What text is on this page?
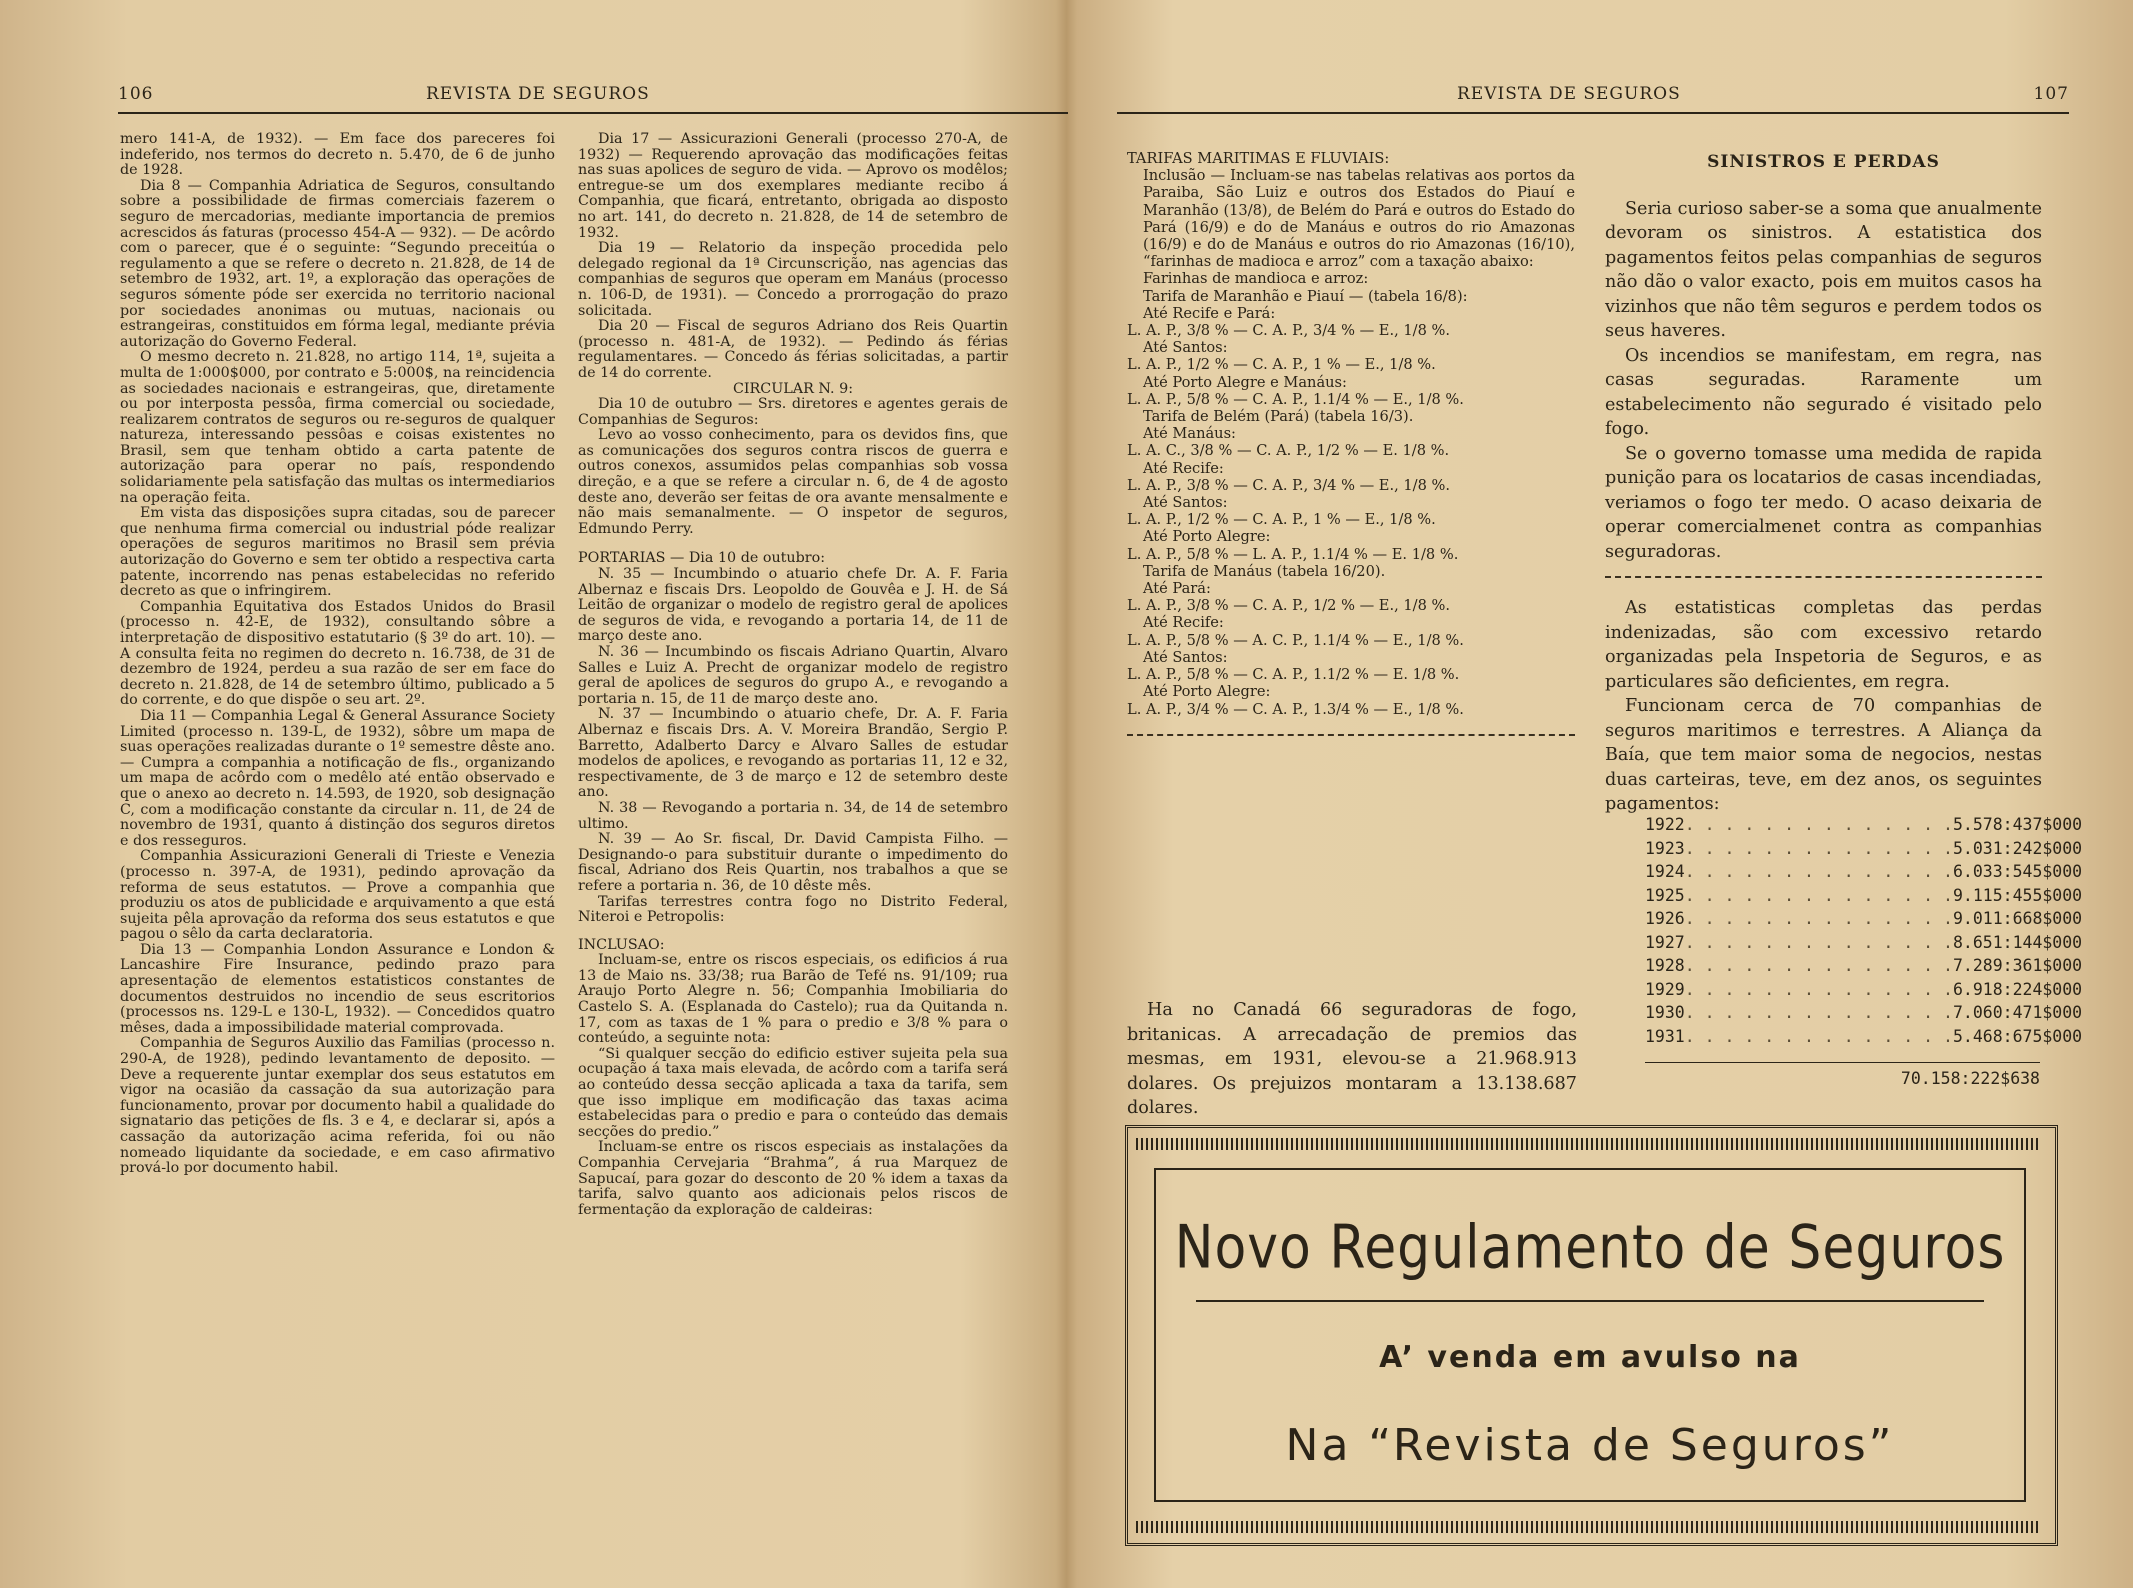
106	REVISTA DE SEGUROS

mero 141-A, de 1932). — Em face dos pareceres foi indeferido, nos termos do decreto n. 5.470, de 6 de junho de 1928.

Dia 8 — Companhia Adriatica de Seguros, consultando sobre a possibilidade de firmas comerciais fazerem o seguro de mercadorias, mediante importancia de premios acrescidos ás faturas (processo 454-A — 932). — De acôrdo com o parecer, que é o seguinte: “Segundo preceitúa o regulamento a que se refere o decreto n. 21.828, de 14 de setembro de 1932, art. 1º, a exploração das operações de seguros sómente póde ser exercida no territorio nacional por sociedades anonimas ou mutuas, nacionais ou estrangeiras, constituidos em fórma legal, mediante prévia autorização do Governo Federal.

O mesmo decreto n. 21.828, no artigo 114, 1ª, sujeita a multa de 1:000$000, por contrato e 5:000$, na reincidencia as sociedades nacionais e estrangeiras, que, diretamente ou por interposta pessôa, firma comercial ou sociedade, realizarem contratos de seguros ou re-seguros de qualquer natureza, interessando pessôas e coisas existentes no Brasil, sem que tenham obtido a carta patente de autorização para operar no país, respondendo solidariamente pela satisfação das multas os intermediarios na operação feita.

Em vista das disposições supra citadas, sou de parecer que nenhuma firma comercial ou industrial póde realizar operações de seguros maritimos no Brasil sem prévia autorização do Governo e sem ter obtido a respectiva carta patente, incorrendo nas penas estabelecidas no referido decreto as que o infringirem.

Companhia Equitativa dos Estados Unidos do Brasil (processo n. 42-E, de 1932), consultando sôbre a interpretação de dispositivo estatutario (§ 3º do art. 10). — A consulta feita no regimen do decreto n. 16.738, de 31 de dezembro de 1924, perdeu a sua razão de ser em face do decreto n. 21.828, de 14 de setembro último, publicado a 5 do corrente, e do que dispõe o seu art. 2º.

Dia 11 — Companhia Legal & General Assurance Society Limited (processo n. 139-L, de 1932), sôbre um mapa de suas operações realizadas durante o 1º semestre dêste ano. — Cumpra a companhia a notificação de fls., organizando um mapa de acôrdo com o medêlo até então observado e que o anexo ao decreto n. 14.593, de 1920, sob designação C, com a modificação constante da circular n. 11, de 24 de novembro de 1931, quanto á distinção dos seguros diretos e dos resseguros.

Companhia Assicurazioni Generali di Trieste e Venezia (processo n. 397-A, de 1931), pedindo aprovação da reforma de seus estatutos. — Prove a companhia que produziu os atos de publicidade e arquivamento a que está sujeita pêla aprovação da reforma dos seus estatutos e que pagou o sêlo da carta declaratoria.

Dia 13 — Companhia London Assurance e London & Lancashire Fire Insurance, pedindo prazo para apresentação de elementos estatisticos constantes de documentos destruidos no incendio de seus escritorios (processos ns. 129-L e 130-L, 1932). — Concedidos quatro mêses, dada a impossibilidade material comprovada.

Companhia de Seguros Auxilio das Familias (processo n. 290-A, de 1928), pedindo levantamento de deposito. — Deve a requerente juntar exemplar dos seus estatutos em vigor na ocasião da cassação da sua autorização para funcionamento, provar por documento habil a qualidade do signatario das petições de fls. 3 e 4, e declarar si, após a cassação da autorização acima referida, foi ou não nomeado liquidante da sociedade, e em caso afirmativo prová-lo por documento habil.

Dia 17 — Assicurazioni Generali (processo 270-A, de 1932) — Requerendo aprovação das modificações feitas nas suas apolices de seguro de vida. — Aprovo os modêlos; entregue-se um dos exemplares mediante recibo á Companhia, que ficará, entretanto, obrigada ao disposto no art. 141, do decreto n. 21.828, de 14 de setembro de 1932.

Dia 19 — Relatorio da inspeção procedida pelo delegado regional da 1ª Circunscrição, nas agencias das companhias de seguros que operam em Manáus (processo n. 106-D, de 1931). — Concedo a prorrogação do prazo solicitada.

Dia 20 — Fiscal de seguros Adriano dos Reis Quartin (processo n. 481-A, de 1932). — Pedindo ás férias regulamentares. — Concedo ás férias solicitadas, a partir de 14 do corrente.

CIRCULAR N. 9:

Dia 10 de outubro — Srs. diretores e agentes gerais de Companhias de Seguros:

Levo ao vosso conhecimento, para os devidos fins, que as comunicações dos seguros contra riscos de guerra e outros conexos, assumidos pelas companhias sob vossa direção, e a que se refere a circular n. 6, de 4 de agosto deste ano, deverão ser feitas de ora avante mensalmente e não mais semanalmente. — O inspetor de seguros, Edmundo Perry.

PORTARIAS — Dia 10 de outubro:

N. 35 — Incumbindo o atuario chefe Dr. A. F. Faria Albernaz e fiscais Drs. Leopoldo de Gouvêa e J. H. de Sá Leitão de organizar o modelo de registro geral de apolices de seguros de vida, e revogando a portaria 14, de 11 de março deste ano.

N. 36 — Incumbindo os fiscais Adriano Quartin, Alvaro Salles e Luiz A. Precht de organizar modelo de registro geral de apolices de seguros do grupo A., e revogando a portaria n. 15, de 11 de março deste ano.

N. 37 — Incumbindo o atuario chefe, Dr. A. F. Faria Albernaz e fiscais Drs. A. V. Moreira Brandão, Sergio P. Barretto, Adalberto Darcy e Alvaro Salles de estudar modelos de apolices, e revogando as portarias 11, 12 e 32, respectivamente, de 3 de março e 12 de setembro deste ano.

N. 38 — Revogando a portaria n. 34, de 14 de setembro ultimo.

N. 39 — Ao Sr. fiscal, Dr. David Campista Filho. — Designando-o para substituir durante o impedimento do fiscal, Adriano dos Reis Quartin, nos trabalhos a que se refere a portaria n. 36, de 10 dêste mês.

Tarifas terrestres contra fogo no Distrito Federal, Niteroi e Petropolis:

INCLUSAO:

Incluam-se, entre os riscos especiais, os edificios á rua 13 de Maio ns. 33/38; rua Barão de Tefé ns. 91/109; rua Araujo Porto Alegre n. 56; Companhia Imobiliaria do Castelo S. A. (Esplanada do Castelo); rua da Quitanda n. 17, com as taxas de 1 % para o predio e 3/8 % para o conteúdo, a seguinte nota:

“Si qualquer secção do edificio estiver sujeita pela sua ocupação á taxa mais elevada, de acôrdo com a tarifa será ao conteúdo dessa secção aplicada a taxa da tarifa, sem que isso implique em modificação das taxas acima estabelecidas para o predio e para o conteúdo das demais secções do predio.”

Incluam-se entre os riscos especiais as instalações da Companhia Cervejaria “Brahma”, á rua Marquez de Sapucaí, para gozar do desconto de 20 % idem a taxas da tarifa, salvo quanto aos adicionais pelos riscos de fermentação da exploração de caldeiras:

REVISTA DE SEGUROS	107

TARIFAS MARITIMAS E FLUVIAIS:

Inclusão — Incluam-se nas tabelas relativas aos portos da Paraiba, São Luiz e outros dos Estados do Piauí e Maranhão (13/8), de Belém do Pará e outros do Estado do Pará (16/9) e do de Manáus e outros do rio Amazonas (16/9) e do de Manáus e outros do rio Amazonas (16/10), “farinhas de madioca e arroz” com a taxação abaixo:

Farinhas de mandioca e arroz:

Tarifa de Maranhão e Piauí — (tabela 16/8):

Até Recife e Pará:

L. A. P., 3/8 % — C. A. P., 3/4 % — E., 1/8 %.

Até Santos:

L. A. P., 1/2 % — C. A. P., 1 % — E., 1/8 %.

Até Porto Alegre e Manáus:

L. A. P., 5/8 % — C. A. P., 1.1/4 % — E., 1/8 %.

Tarifa de Belém (Pará) (tabela 16/3).

Até Manáus:

L. A. C., 3/8 % — C. A. P., 1/2 % — E. 1/8 %.

Até Recife:

L. A. P., 3/8 % — C. A. P., 3/4 % — E., 1/8 %.

Até Santos:

L. A. P., 1/2 % — C. A. P., 1 % — E., 1/8 %.

Até Porto Alegre:

L. A. P., 5/8 % — L. A. P., 1.1/4 % — E. 1/8 %.

Tarifa de Manáus (tabela 16/20).

Até Pará:

L. A. P., 3/8 % — C. A. P., 1/2 % — E., 1/8 %.

Até Recife:

L. A. P., 5/8 % — A. C. P., 1.1/4 % — E., 1/8 %.

Até Santos:

L. A. P., 5/8 % — C. A. P., 1.1/2 % — E. 1/8 %.

Até Porto Alegre:

L. A. P., 3/4 % — C. A. P., 1.3/4 % — E., 1/8 %.

Ha no Canadá 66 seguradoras de fogo, britanicas. A arrecadação de premios das mesmas, em 1931, elevou-se a 21.968.913 dolares. Os prejuizos montaram a 13.138.687 dolares.

SINISTROS E PERDAS

Seria curioso saber-se a soma que anualmente devoram os sinistros. A estatistica dos pagamentos feitos pelas companhias de seguros não dão o valor exacto, pois em muitos casos ha vizinhos que não têm seguros e perdem todos os seus haveres.

Os incendios se manifestam, em regra, nas casas seguradas. Raramente um estabelecimento não segurado é visitado pelo fogo.

Se o governo tomasse uma medida de rapida punição para os locatarios de casas incendiadas, veriamos o fogo ter medo. O acaso deixaria de operar comercialmenet contra as companhias seguradoras.

As estatisticas completas das perdas indenizadas, são com excessivo retardo organizadas pela Inspetoria de Seguros, e as particulares são deficientes, em regra.

Funcionam cerca de 70 companhias de seguros maritimos e terrestres. A Aliança da Baía, que tem maior soma de negocios, nestas duas carteiras, teve, em dez anos, os seguintes pagamentos:

1922 . . . . . . . . . . . . . . 5.578:437$000
1923 . . . . . . . . . . . . . . 5.031:242$000
1924 . . . . . . . . . . . . . . 6.033:545$000
1925 . . . . . . . . . . . . . . 9.115:455$000
1926 . . . . . . . . . . . . . . 9.011:668$000
1927 . . . . . . . . . . . . . . 8.651:144$000
1928 . . . . . . . . . . . . . . 7.289:361$000
1929 . . . . . . . . . . . . . . 6.918:224$000
1930 . . . . . . . . . . . . . . 7.060:471$000
1931 . . . . . . . . . . . . . . 5.468:675$000
70.158:222$638
Novo Regulamento de Seguros
A’ venda em avulso na
Na “Revista de Seguros”
